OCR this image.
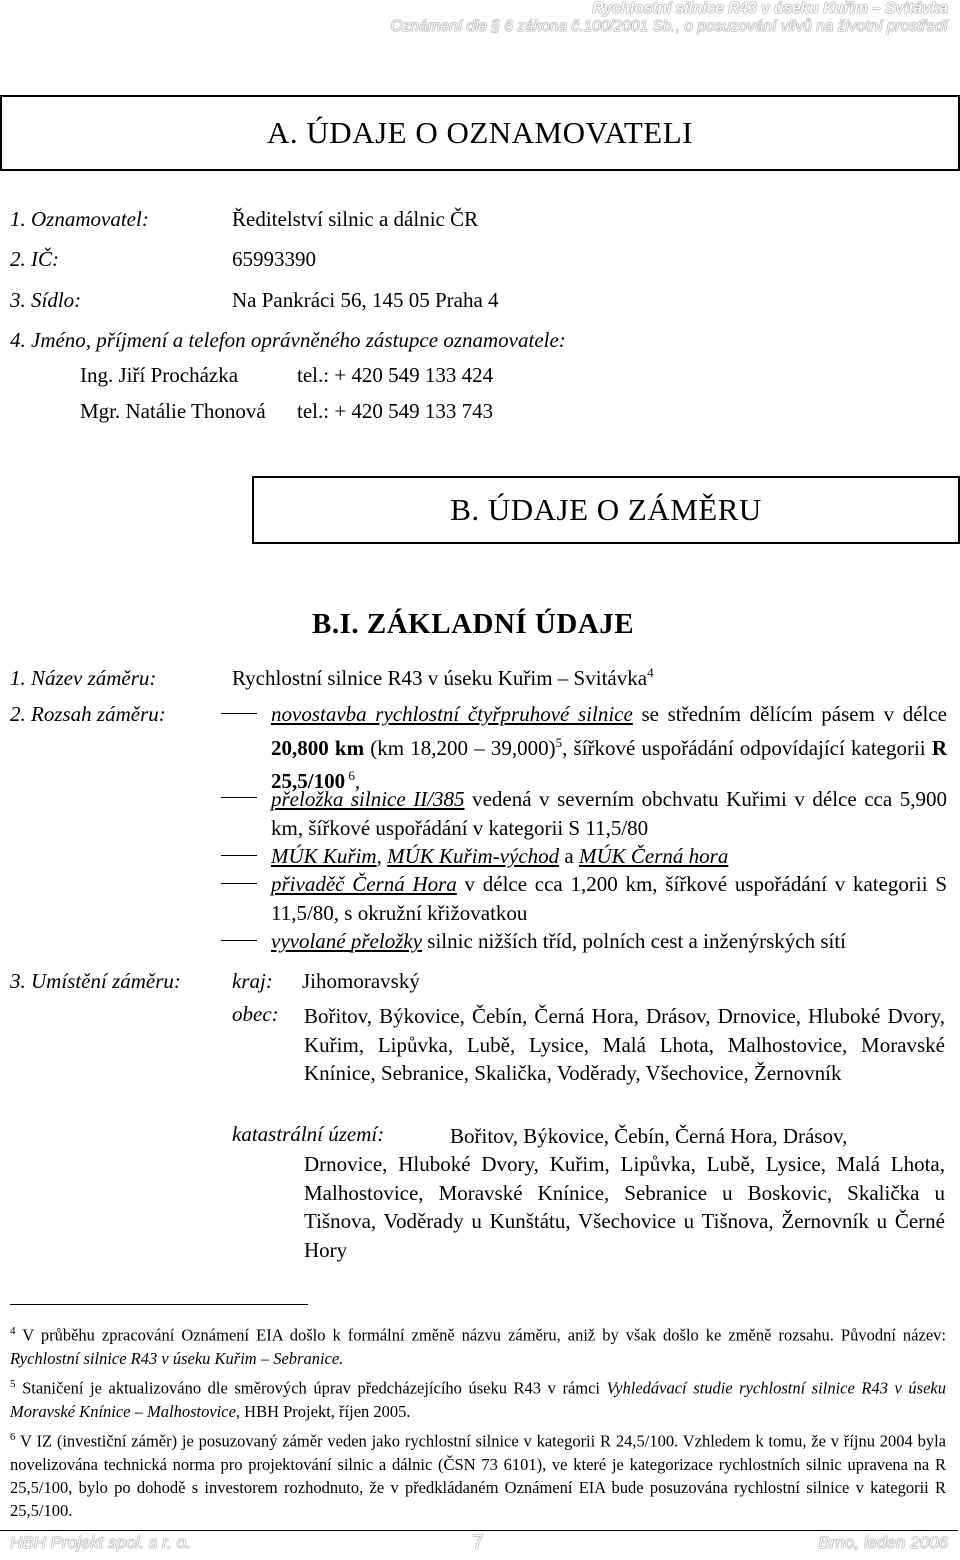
Rychlostní silnice R43 v úseku Kuřim – Svitávka
Oznámení dle § 6 zákona č.100/2001 Sb., o posuzování vlivů na životní prostředí
A. ÚDAJE O OZNAMOVATELI
1. Oznamovatel:	Ředitelství silnic a dálnic ČR
2. IČ:	65993390
3. Sídlo:	Na Pankráci 56, 145 05 Praha 4
4. Jméno, příjmení a telefon oprávněného zástupce oznamovatele:
Ing. Jiří Procházka	tel.: + 420 549 133 424
Mgr. Natálie Thonová tel.: + 420 549 133 743
B. ÚDAJE O ZÁMĚRU
B.I. ZÁKLADNÍ ÚDAJE
1. Název záměru:	Rychlostní silnice R43 v úseku Kuřim – Svitávka$^4$
2. Rozsah záměru:	novostavba rychlostní čtyřpruhové silnice se středním dělícím pásem v délce 20,800 km (km 18,200 – 39,000)$^5$, šířkové uspořádání odpovídající kategorii R 25,5/100 $^6$,
přeložka silnice II/385 vedená v severním obchvatu Kuřimi v délce cca 5,900 km, šířkové uspořádání v kategorii S 11,5/80
MÚK Kuřim, MÚK Kuřim-východ a MÚK Černá hora
přivaděč Černá Hora v délce cca 1,200 km, šířkové uspořádání v kategorii S 11,5/80, s okružní křižovatkou
vyvolané přeložky silnic nižších tříd, polních cest a inženýrských sítí
3. Umístění záměru: kraj: Jihomoravský
obec: Bořitov, Býkovice, Čebín, Černá Hora, Drásov, Drnovice, Hluboké Dvory, Kuřim, Lipůvka, Lubě, Lysice, Malá Lhota, Malhostovice, Moravské Knínice, Sebranice, Skalička, Voděrady, Všechovice, Žernovník
katastrální území:	Bořitov, Býkovice, Čebín, Černá Hora, Drásov,
Drnovice, Hluboké Dvory, Kuřim, Lipůvka, Lubě, Lysice, Malá Lhota, Malhostovice, Moravské Knínice, Sebranice u Boskovic, Skalička u Tišnova, Voděrady u Kunštátu, Všechovice u Tišnova, Žernovník u Černé Hory
$^4$ V průběhu zpracování Oznámení EIA došlo k formální změně názvu záměru, aniž by však došlo ke změně rozsahu. Původní název: Rychlostní silnice R43 v úseku Kuřim – Sebranice.
$^5$ Staničení je aktualizováno dle směrových úprav předcházejícího úseku R43 v rámci Vyhledávací studie rychlostní silnice R43 v úseku Moravské Knínice – Malhostovice, HBH Projekt, říjen 2005.
$^6$ V IZ (investiční záměr) je posuzovaný záměr veden jako rychlostní silnice v kategorii R 24,5/100. Vzhledem k tomu, že v říjnu 2004 byla novelizována technická norma pro projektování silnic a dálnic (ČSN 73 6101), ve které je kategorizace rychlostních silnic upravena na R 25,5/100, bylo po dohodě s investorem rozhodnuto, že v předkládaném Oznámení EIA bude posuzována rychlostní silnice v kategorii R 25,5/100.
HBH Projekt spol. s r. o.	7	Brno, leden 2006
